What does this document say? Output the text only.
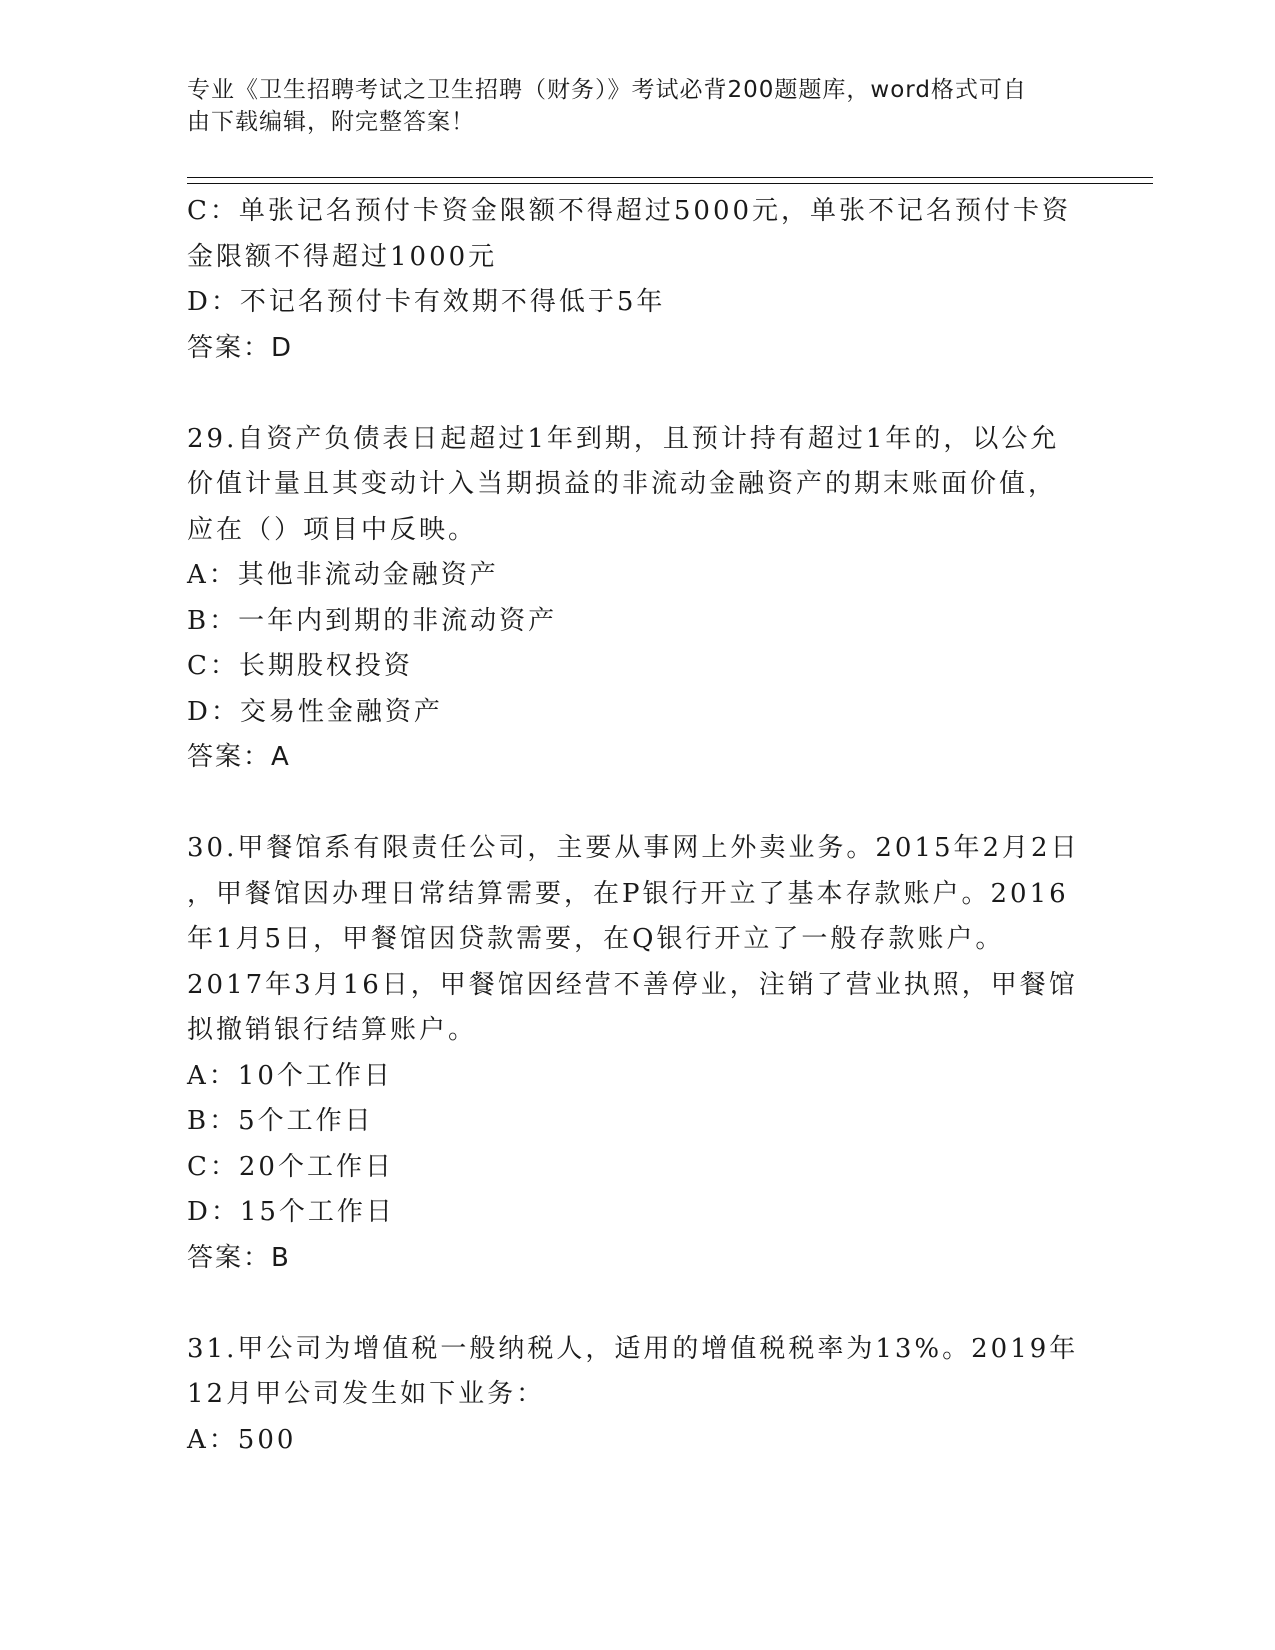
专业《卫生招聘考试之卫生招聘（财务）》考试必背200题题库，word格式可自
由下载编辑，附完整答案！
C：单张记名预付卡资金限额不得超过5000元，单张不记名预付卡资
金限额不得超过1000元
D：不记名预付卡有效期不得低于5年
答案：D
29.自资产负债表日起超过1年到期，且预计持有超过1年的，以公允
价值计量且其变动计入当期损益的非流动金融资产的期末账面价值，
应在（）项目中反映。
A：其他非流动金融资产
B：一年内到期的非流动资产
C：长期股权投资
D：交易性金融资产
答案：A
30.甲餐馆系有限责任公司，主要从事网上外卖业务。2015年2月2日
，甲餐馆因办理日常结算需要，在P银行开立了基本存款账户。2016
年1月5日，甲餐馆因贷款需要，在Q银行开立了一般存款账户。
2017年3月16日，甲餐馆因经营不善停业，注销了营业执照，甲餐馆
拟撤销银行结算账户。
A：10个工作日
B：5个工作日
C：20个工作日
D：15个工作日
答案：B
31.甲公司为增值税一般纳税人，适用的增值税税率为13%。2019年
12月甲公司发生如下业务：
A：500
